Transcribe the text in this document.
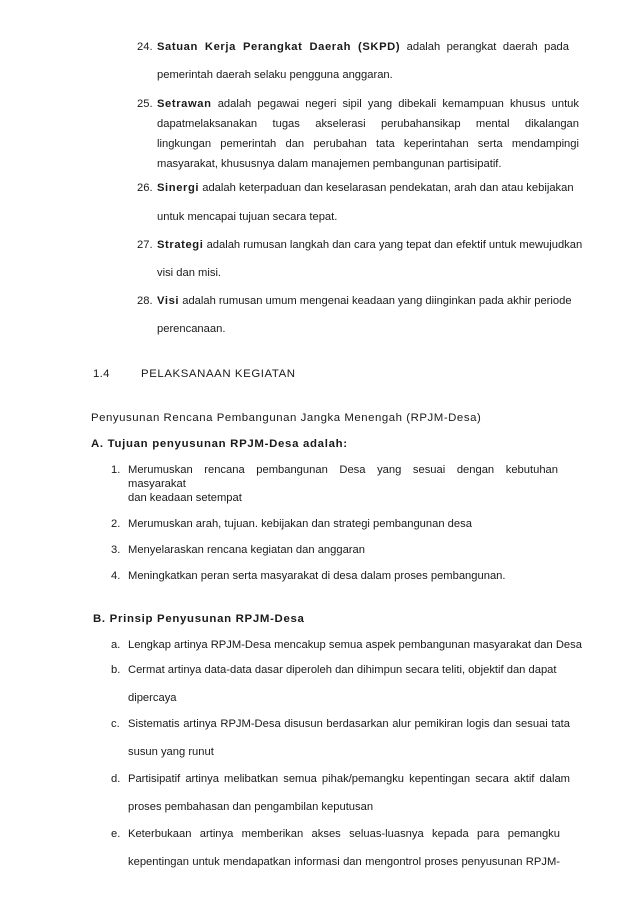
24. Satuan Kerja Perangkat Daerah (SKPD) adalah perangkat daerah pada
pemerintah daerah selaku pengguna anggaran.
25. Setrawan adalah pegawai negeri sipil yang dibekali kemampuan khusus untuk
dapatmelaksanakan tugas akselerasi perubahansikap mental dikalangan
lingkungan pemerintah dan perubahan tata keperintahan serta mendampingi
masyarakat, khususnya dalam manajemen pembangunan partisipatif.
26. Sinergi adalah keterpaduan dan keselarasan pendekatan, arah dan atau kebijakan
untuk mencapai tujuan secara tepat.
27. Strategi adalah rumusan langkah dan cara yang tepat dan efektif untuk mewujudkan
visi dan misi.
28. Visi adalah rumusan umum mengenai keadaan yang diinginkan pada akhir periode
perencanaan.
1.4	PELAKSANAAN KEGIATAN
Penyusunan Rencana Pembangunan Jangka Menengah (RPJM-Desa)
A. Tujuan penyusunan RPJM-Desa adalah:
1. Merumuskan rencana pembangunan Desa yang sesuai dengan kebutuhan masyarakat
dan keadaan setempat
2. Merumuskan arah, tujuan. kebijakan dan strategi pembangunan desa
3. Menyelaraskan rencana kegiatan dan anggaran
4. Meningkatkan peran serta masyarakat di desa dalam proses pembangunan.
B. Prinsip Penyusunan RPJM-Desa
a. Lengkap artinya RPJM-Desa mencakup semua aspek pembangunan masyarakat dan Desa
b. Cermat artinya data-data dasar diperoleh dan dihimpun secara teliti, objektif dan dapat
dipercaya
c. Sistematis artinya RPJM-Desa disusun berdasarkan alur pemikiran logis dan sesuai tata
susun yang runut
d. Partisipatif artinya melibatkan semua pihak/pemangku kepentingan secara aktif dalam
proses pembahasan dan pengambilan keputusan
e. Keterbukaan artinya memberikan akses seluas-luasnya kepada para pemangku
kepentingan untuk mendapatkan informasi dan mengontrol proses penyusunan RPJM-
